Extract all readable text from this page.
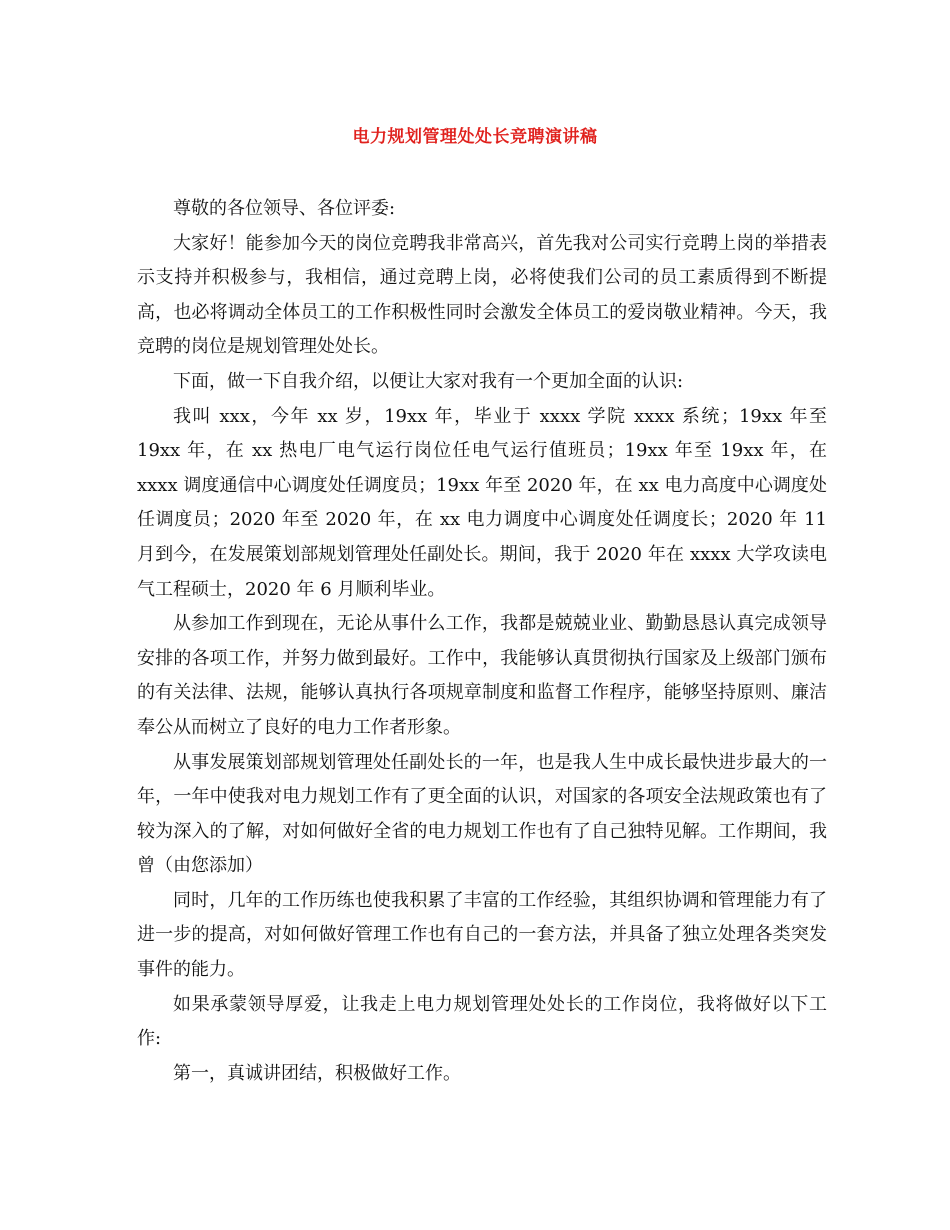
电力规划管理处处长竞聘演讲稿

尊敬的各位领导、各位评委:

大家好！能参加今天的岗位竞聘我非常高兴，首先我对公司实行竞聘上岗的举措表示支持并积极参与，我相信，通过竞聘上岗，必将使我们公司的员工素质得到不断提高，也必将调动全体员工的工作积极性同时会激发全体员工的爱岗敬业精神。今天，我竞聘的岗位是规划管理处处长。

下面，做一下自我介绍，以便让大家对我有一个更加全面的认识:

我叫 xxx，今年 xx 岁，19xx 年，毕业于 xxxx 学院 xxxx 系统；19xx 年至 19xx 年，在 xx 热电厂电气运行岗位任电气运行值班员；19xx 年至 19xx 年，在 xxxx 调度通信中心调度处任调度员；19xx 年至 2020 年，在 xx 电力高度中心调度处任调度员；2020 年至 2020 年，在 xx 电力调度中心调度处任调度长；2020 年 11 月到今，在发展策划部规划管理处任副处长。期间，我于 2020 年在 xxxx 大学攻读电气工程硕士，2020 年 6 月顺利毕业。

从参加工作到现在，无论从事什么工作，我都是兢兢业业、勤勤恳恳认真完成领导安排的各项工作，并努力做到最好。工作中，我能够认真贯彻执行国家及上级部门颁布的有关法律、法规，能够认真执行各项规章制度和监督工作程序，能够坚持原则、廉洁奉公从而树立了良好的电力工作者形象。

从事发展策划部规划管理处任副处长的一年，也是我人生中成长最快进步最大的一年，一年中使我对电力规划工作有了更全面的认识，对国家的各项安全法规政策也有了较为深入的了解，对如何做好全省的电力规划工作也有了自己独特见解。工作期间，我曾（由您添加）

同时，几年的工作历练也使我积累了丰富的工作经验，其组织协调和管理能力有了进一步的提高，对如何做好管理工作也有自己的一套方法，并具备了独立处理各类突发事件的能力。

如果承蒙领导厚爱，让我走上电力规划管理处处长的工作岗位，我将做好以下工作:

第一，真诚讲团结，积极做好工作。
